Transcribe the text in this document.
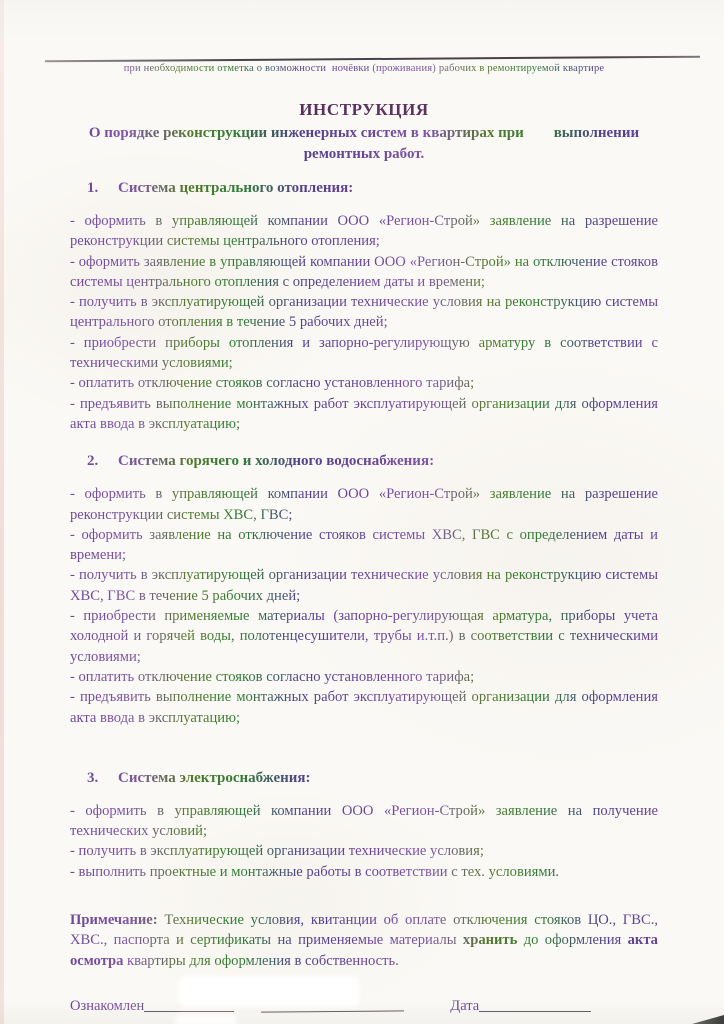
при необходимости отметка о возможности  ночёвки (проживания) рабочих в ремонтируемой квартире
ИНСТРУКЦИЯ
О порядке реконструкции инженерных систем в квартирах при        выполнении
ремонтных работ.
1. Система центрального отопления:

- оформить в управляющей компании ООО «Регион-Строй» заявление на разрешение реконструкции системы центрального отопления;

- оформить заявление в управляющей компании ООО «Регион-Строй» на отключение стояков системы центрального отопления с определением даты и времени;

- получить в эксплуатирующей организации технические условия на реконструкцию системы центрального отопления в течение 5 рабочих дней;

- приобрести приборы отопления и запорно-регулирующую арматуру в соответствии с техническими условиями;

- оплатить отключение стояков согласно установленного тарифа;

- предъявить выполнение монтажных работ эксплуатирующей организации для оформления акта ввода в эксплуатацию;

2. Система горячего и холодного водоснабжения:

- оформить в управляющей компании ООО «Регион-Строй» заявление на разрешение реконструкции системы ХВС, ГВС;

- оформить заявление на отключение стояков системы ХВС, ГВС с определением даты и времени;

- получить в эксплуатирующей организации технические условия на реконструкцию системы ХВС, ГВС в течение 5 рабочих дней;

- приобрести применяемые материалы (запорно-регулирующая арматура, приборы учета холодной и горячей воды, полотенцесушители, трубы и.т.п.) в соответствии с техническими условиями;

- оплатить отключение стояков согласно установленного тарифа;

- предъявить выполнение монтажных работ эксплуатирующей организации для оформления акта ввода в эксплуатацию;

3. Система электроснабжения:

- оформить в управляющей компании ООО «Регион-Строй» заявление на получение технических условий;

- получить в эксплуатирующей организации технические условия;

- выполнить проектные и монтажные работы в соответствии с тех. условиями.

Примечание: Технические условия, квитанции об оплате отключения стояков ЦО., ГВС., ХВС., паспорта и сертификаты на применяемые материалы хранить до оформления акта осмотра квартиры для оформления в собственность.

Ознакомлен	Дата
